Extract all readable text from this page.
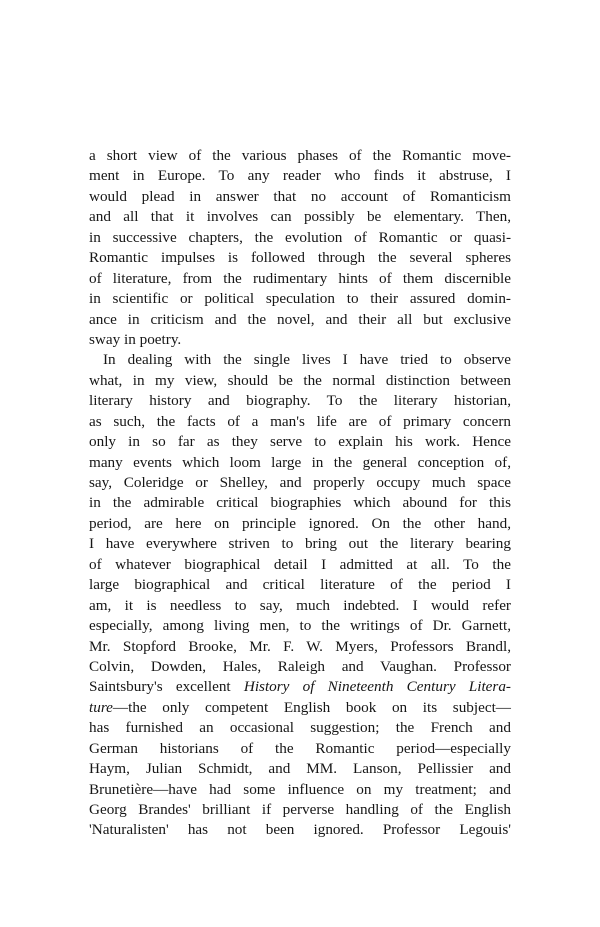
a short view of the various phases of the Romantic move-
ment in Europe. To any reader who finds it abstruse, I
would plead in answer that no account of Romanticism
and all that it involves can possibly be elementary. Then,
in successive chapters, the evolution of Romantic or quasi-
Romantic impulses is followed through the several spheres
of literature, from the rudimentary hints of them discernible
in scientific or political speculation to their assured domin-
ance in criticism and the novel, and their all but exclusive
sway in poetry.
In dealing with the single lives I have tried to observe
what, in my view, should be the normal distinction between
literary history and biography. To the literary historian,
as such, the facts of a man's life are of primary concern
only in so far as they serve to explain his work. Hence
many events which loom large in the general conception of,
say, Coleridge or Shelley, and properly occupy much space
in the admirable critical biographies which abound for this
period, are here on principle ignored. On the other hand,
I have everywhere striven to bring out the literary bearing
of whatever biographical detail I admitted at all. To the
large biographical and critical literature of the period I
am, it is needless to say, much indebted. I would refer
especially, among living men, to the writings of Dr. Garnett,
Mr. Stopford Brooke, Mr. F. W. Myers, Professors Brandl,
Colvin, Dowden, Hales, Raleigh and Vaughan. Professor
Saintsbury's excellent History of Nineteenth Century Litera-
ture—the only competent English book on its subject—
has furnished an occasional suggestion; the French and
German historians of the Romantic period—especially
Haym, Julian Schmidt, and MM. Lanson, Pellissier and
Brunetière—have had some influence on my treatment; and
Georg Brandes' brilliant if perverse handling of the English
'Naturalisten' has not been ignored. Professor Legouis'
